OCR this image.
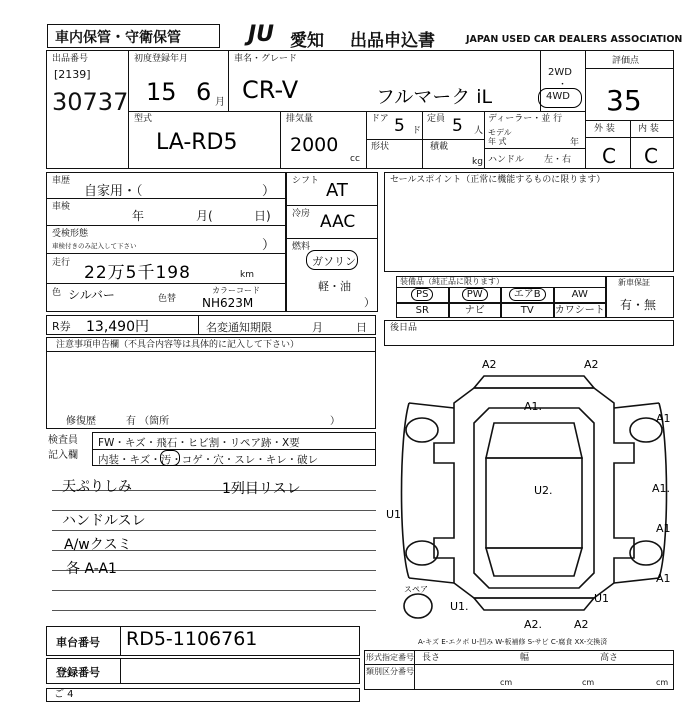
車内保管・守衛保管	JU 愛知 出品申込書	JAPAN USED CAR DEALERS ASSOCIATION
出品番号
[2139]
30737
初度登録年月
15 6 月
車名・グレード
CR-V	フルマーク iL
2WD
・
4WD
評価点
35
外 装	内 装
C C
型式
LA-RD5
排気量
2000
cc
ドア 5 ド
定員 5 人
ディーラー・並 行
モデル
年 式	年
形状	積載
kg ハンドル 左・右
車歴
自家用・（	）
車検
年	月(	日)
受検形態
車検付きのみ記入して下さい	）
走行 22万5千198	km
色 シルバー	色替
カラーコード
NH623M
R券 13,490円	名変通知期限	月	日
シフト AT
冷房 AAC
燃料
ガソリン
軽・油
）
セールスポイント（正常に機能するものに限ります）
装備品（純正品に限ります）
PS	PW	エアB	AW
SR	ナビ	TV	カワシート
新車保証
有・無
後日品
注意事項申告欄（不具合内容等は具体的に記入して下さい）
修復歴	有 （箇所	）
検査員
記入欄
FW・キズ・飛石・ヒビ割・リペア跡・X要
内装・キズ・汚・コゲ・穴・スレ・キレ・破レ
天ぷりしみ
ハンドルスレ
A/wクスミ
各 A-A1
1列目リスレ
A2	A2
A1.
A1
U2.
U1
A1.
A1
A1
A2.	A2
U1.
U1
スペア
A-キズ E-エクボ U-凹み W-板補修 S-サビ C-腐食 XX-交換済
車台番号 RD5-1106761
登録番号
形式指定番号
類別区分番号
長さ	幅	高さ
cm	cm	cm
ご 4
